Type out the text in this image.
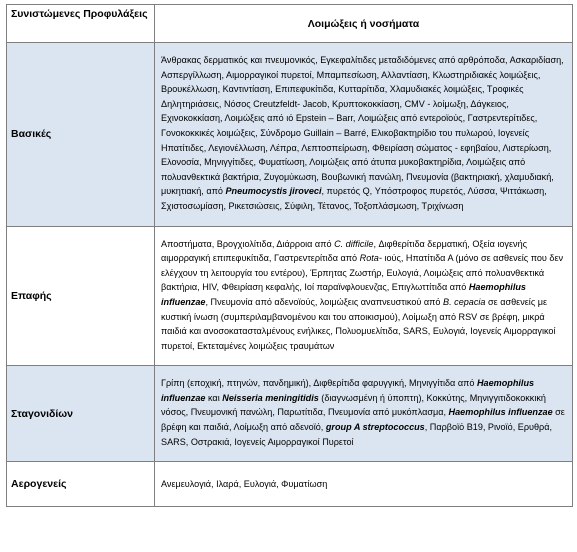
Συνιστώμενες Προφυλάξεις	Λοιμώξεις ή νοσήματα
Βασικές	Άνθρακας δερματικός και πνευμονικός, Εγκεφαλίτιδες μεταδιδόμενες από αρθρόποδα, Ασκαριδίαση, Ασπεργίλλωση, Αιμορραγικοί πυρετοί, Μπαμπεσίωση, Αλλαντίαση, Κλωστηριδιακές λοιμώξεις, Βρουκέλλωση, Καντιντίαση, Επιπεφυκίτιδα, Κυτταρίτιδα, Χλαμυδιακές λοιμώξεις, Τροφικές Δηλητηριάσεις, Νόσος Creutzfeldt- Jacob, Κρυπτοκοκκίαση, CMV - λοίμωξη, Δάγκειος, Εχινοκοκκίαση, Λοιμώξεις από ιό Epstein – Barr, Λοιμώξεις από εντεροϊούς, Γαστρεντερίτιδες, Γονοκοκκικές λοιμώξεις, Σύνδρομο Guillain – Barré, Ελικοβακτηρίδιο του πυλωρού, Ιογενείς Ηπατίτιδες, Λεγιονέλλωση, Λέπρα, Λεπτοσπείρωση, Φθειρίαση σώματος - εφηβαίου, Λιστερίωση, Ελονοσία, Μηνιγγίτιδες, Φυματίωση, Λοιμώξεις από άτυπα μυκοβακτηρίδια, Λοιμώξεις από πολυανθεκτικά βακτήρια, Ζυγομύκωση, Βουβωνική πανώλη, Πνευμονία (βακτηριακή, χλαμυδιακή, μυκητιακή, από Pneumocystis jiroveci, πυρετός Q, Υπόστροφος πυρετός, Λύσσα, Ψιττάκωση, Σχιστοσωμίαση, Ρικετσιώσεις, Σύφιλη, Τέτανος, Τοξοπλάσμωση, Τριχίνωση
Επαφής	Αποστήματα, Βρογχιολίτιδα, Διάρροια από C. difficile, Διφθερίτιδα δερματική, Οξεία ιογενής αιμορραγική επιπεφυκίτιδα, Γαστρεντερίτιδα από Rota- ιούς, Ηπατίτιδα Α (μόνο σε ασθενείς που δεν ελέγχουν τη λειτουργία του εντέρου), Έρπητας Ζωστήρ, Ευλογιά, Λοιμώξεις από πολυανθεκτικά βακτήρια, HIV, Φθειρίαση κεφαλής, Ιοί παραϊνφλουενζας, Επιγλωττίτιδα από Haemophilus influenzae, Πνευμονία από αδενοϊούς, λοιμώξεις αναπνευστικού από B. cepacia σε ασθενείς με κυστική ίνωση (συμπεριλαμβανομένου και του αποικισμού), Λοίμωξη από RSV σε βρέφη, μικρά παιδιά και ανοσοκατασταλμένους ενήλικες, Πολυομυελίτιδα, SARS, Ευλογιά, Ιογενείς Αιμορραγικοί πυρετοί, Εκτεταμένες λοιμώξεις τραυμάτων
Σταγονιδίων	Γρίπη (εποχική, πτηνών, πανδημική), Διφθερίτιδα φαρυγγική, Μηνιγγίτιδα από Haemophilus influenzae και Neisseria meningitidis (διαγνωσμένη ή ύποπτη), Κοκκύτης, Μηνιγγιτιδοκοκκική νόσος, Πνευμονική πανώλη, Παρωτίτιδα, Πνευμονία από μυκόπλασμα, Haemophilus influenzae σε βρέφη και παιδιά, Λοίμωξη από αδενοϊό, group A streptococcus, Παρβοϊό Β19, Ρινοϊό, Ερυθρά, SARS, Οστρακιά, Ιογενείς Αιμορραγικοί Πυρετοί
Αερογενείς	Ανεμευλογιά, Ιλαρά, Ευλογιά, Φυματίωση
